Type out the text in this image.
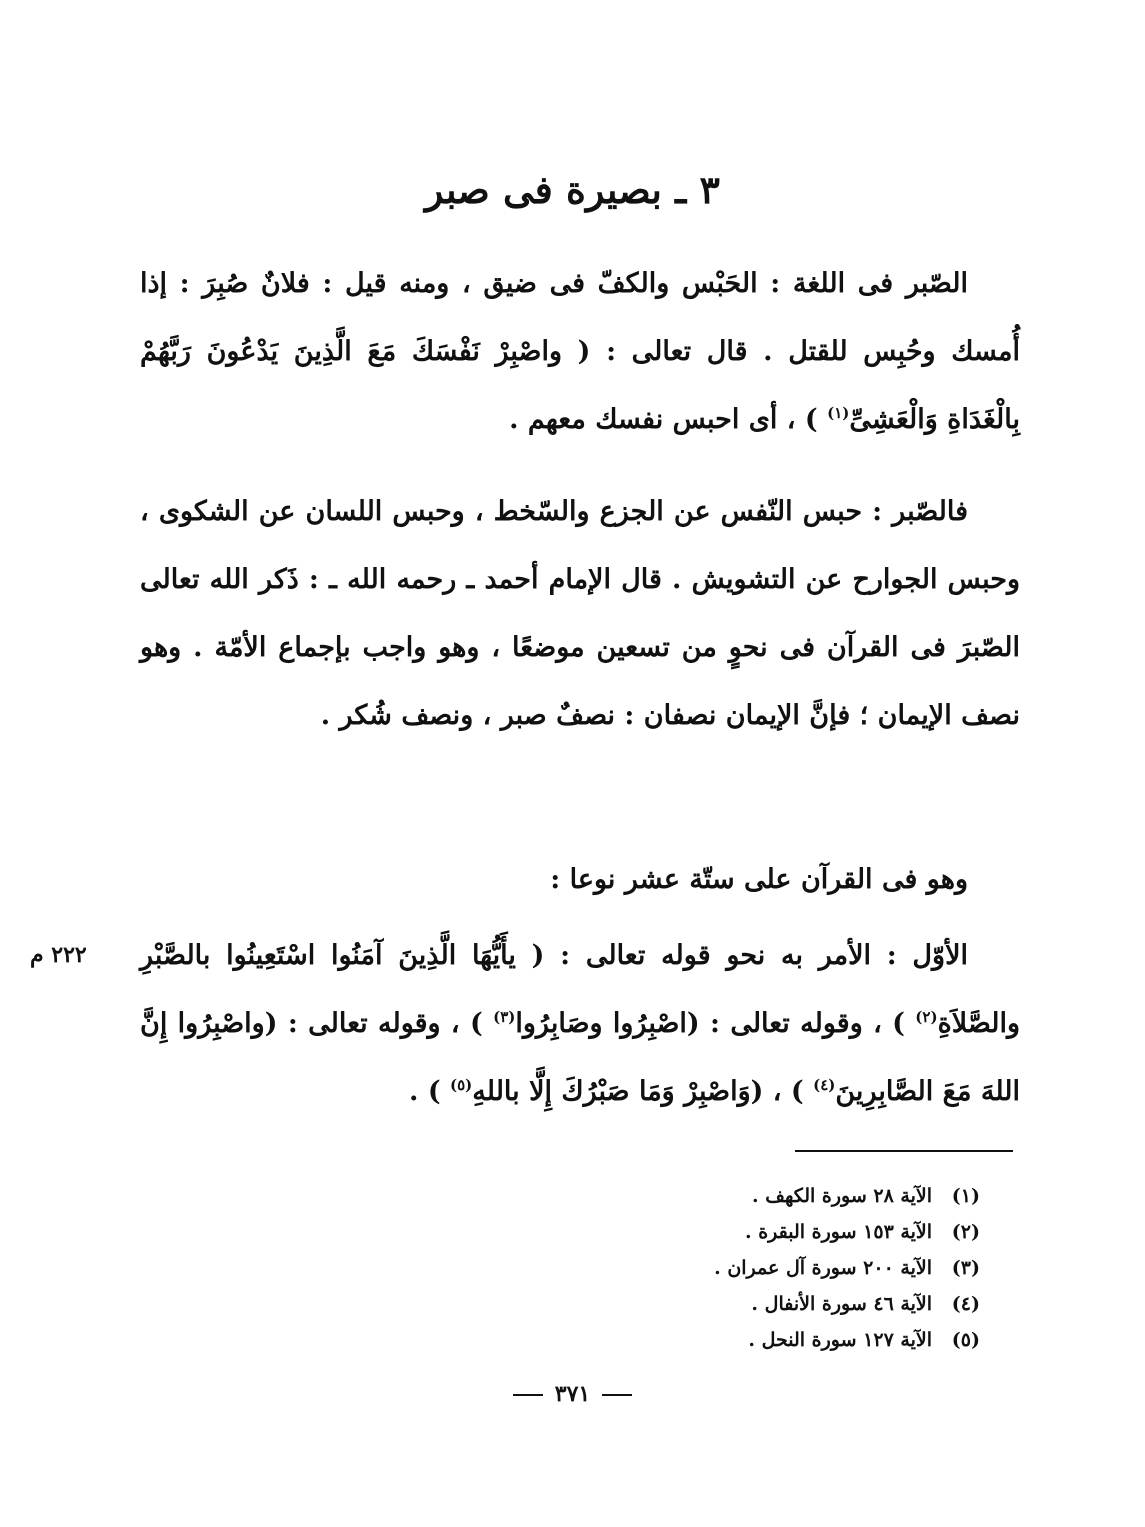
٣ ـ بصيرة فى صبر

الصّبر فى اللغة : الحَبْس والكفّ فى ضيق ، ومنه قيل : فلانٌ صُبِرَ : إذا أُمسك وحُبِس للقتل . قال تعالى : ( واصْبِرْ نَفْسَكَ مَعَ الَّذِينَ يَدْعُونَ رَبَّهُمْ بِالْغَدَاةِ وَالْعَشِىِّ$^{(١)}$ ) ، أى احبس نفسك معهم .

فالصّبر : حبس النّفس عن الجزع والسّخط ، وحبس اللسان عن الشكوى ، وحبس الجوارح عن التشويش . قال الإمام أحمد ـ رحمه الله ـ : ذَكر الله تعالى الصّبرَ فى القرآن فى نحوٍ من تسعين موضعًا ، وهو واجب بإجماع الأمّة . وهو نصف الإيمان ؛ فإنَّ الإيمان نصفان : نصفٌ صبر ، ونصف شُكر .

وهو فى القرآن على ستّة عشر نوعا :

الأوّل : الأمر به نحو قوله تعالى : ( يأَيُّهَا الَّذِينَ آمَنُوا اسْتَعِينُوا بالصَّبْرِ والصَّلاَةِ$^{(٢)}$ ) ، وقوله تعالى : (اصْبِرُوا وصَابِرُوا$^{(٣)}$ ) ، وقوله تعالى : (واصْبِرُوا إِنَّ اللهَ مَعَ الصَّابِرِينَ$^{(٤)}$ ) ، (وَاصْبِرْ وَمَا صَبْرُكَ إِلَّا باللهِ$^{(٥)}$ ) .

٢٢٢ م
(١)
الآية ٢٨ سورة الكهف .
(٢)
الآية ١٥٣ سورة البقرة .
(٣)
الآية ٢٠٠ سورة آل عمران .
(٤)
الآية ٤٦ سورة الأنفال .
(٥)
الآية ١٢٧ سورة النحل .
٣٧١
